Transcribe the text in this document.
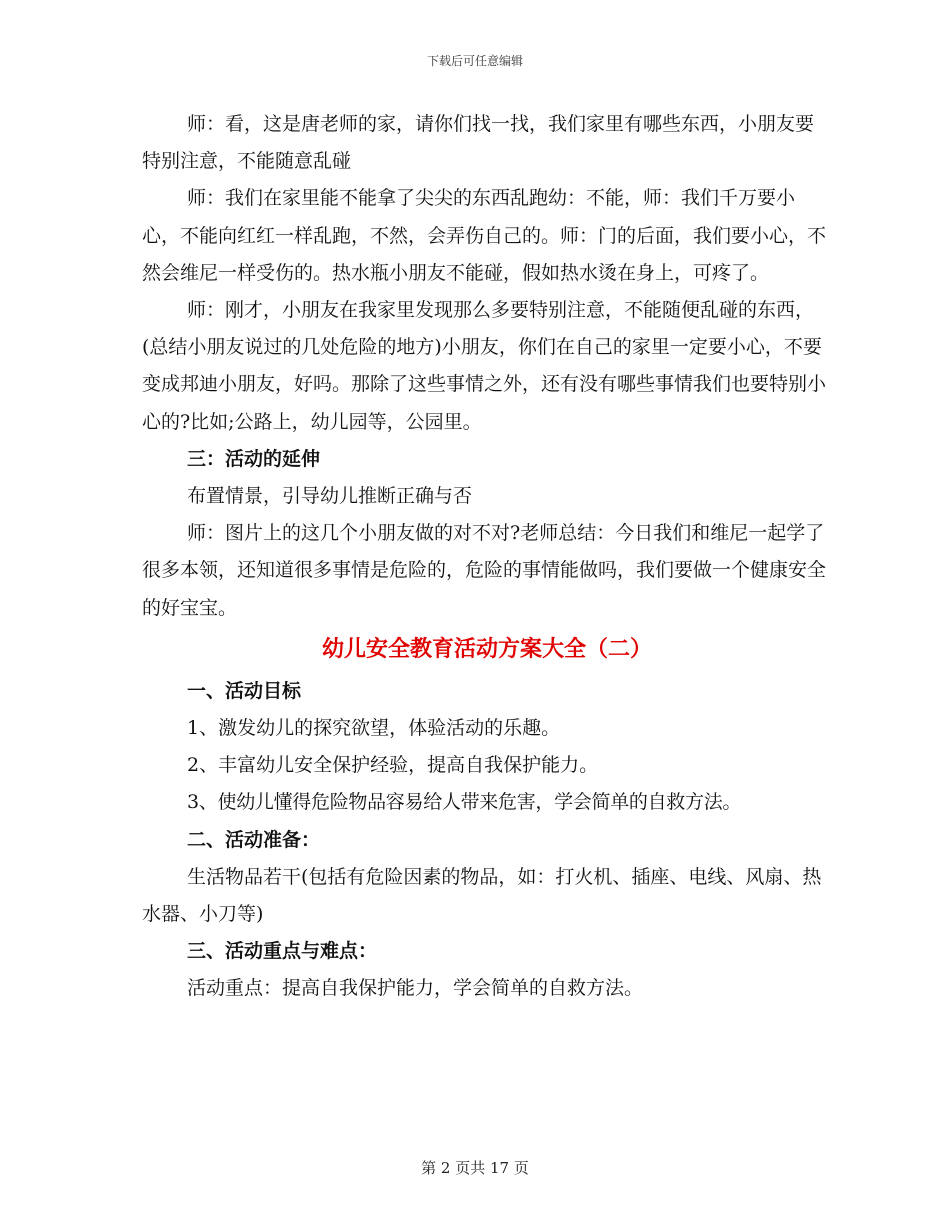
下载后可任意编辑

师：看，这是唐老师的家，请你们找一找，我们家里有哪些东西，小朋友要特别注意，不能随意乱碰

师：我们在家里能不能拿了尖尖的东西乱跑幼：不能，师：我们千万要小心，不能向红红一样乱跑，不然，会弄伤自己的。师：门的后面，我们要小心，不然会维尼一样受伤的。热水瓶小朋友不能碰，假如热水烫在身上，可疼了。

师：刚才，小朋友在我家里发现那么多要特别注意，不能随便乱碰的东西，(总结小朋友说过的几处危险的地方)小朋友，你们在自己的家里一定要小心，不要变成邦迪小朋友，好吗。那除了这些事情之外，还有没有哪些事情我们也要特别小心的?比如;公路上，幼儿园等，公园里。

三：活动的延伸

布置情景，引导幼儿推断正确与否

师：图片上的这几个小朋友做的对不对?老师总结：今日我们和维尼一起学了很多本领，还知道很多事情是危险的，危险的事情能做吗，我们要做一个健康安全的好宝宝。

幼儿安全教育活动方案大全（二）

一、活动目标

1、激发幼儿的探究欲望，体验活动的乐趣。

2、丰富幼儿安全保护经验，提高自我保护能力。

3、使幼儿懂得危险物品容易给人带来危害，学会简单的自救方法。

二、活动准备：

生活物品若干(包括有危险因素的物品，如：打火机、插座、电线、风扇、热水器、小刀等)

三、活动重点与难点：

活动重点：提高自我保护能力，学会简单的自救方法。

第 2 页共 17 页
